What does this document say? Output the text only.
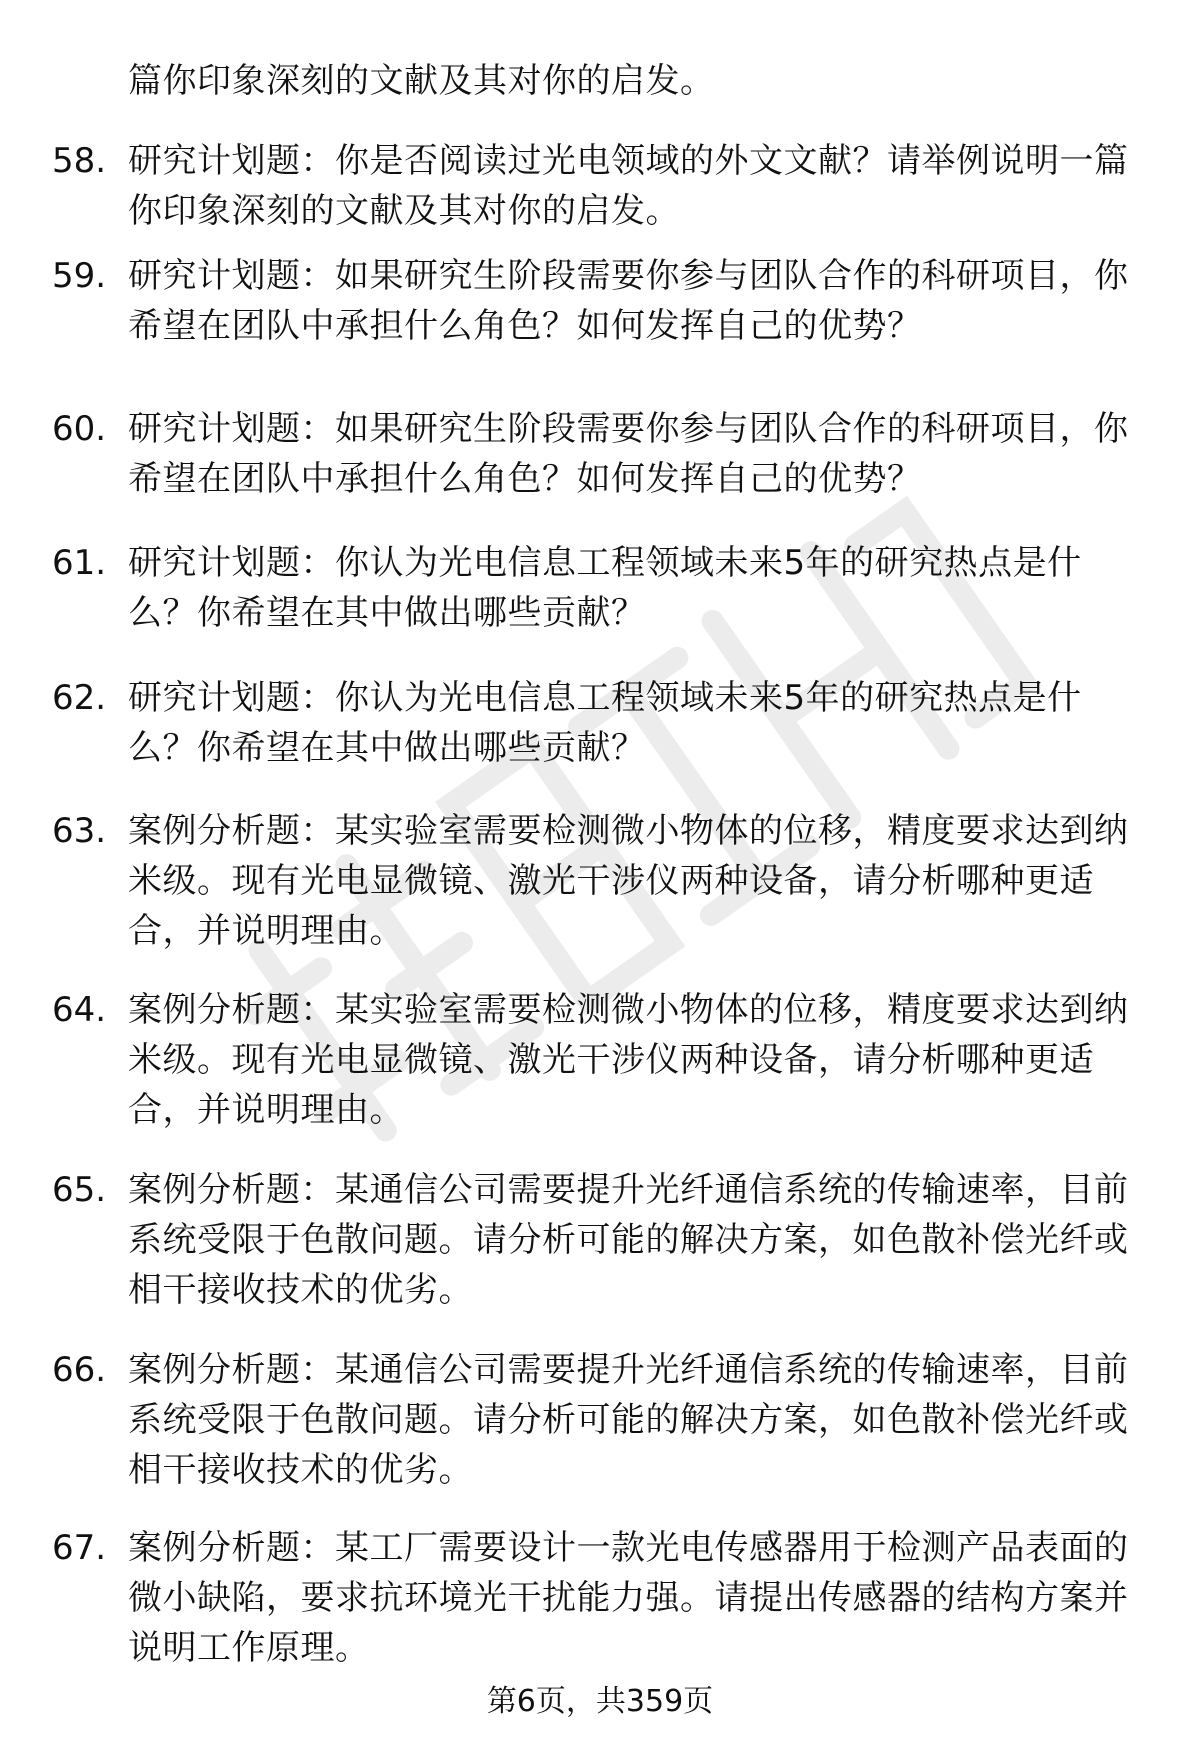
篇你印象深刻的文献及其对你的启发。
58. 研究计划题：你是否阅读过光电领域的外文文献？请举例说明一篇你印象深刻的文献及其对你的启发。
59. 研究计划题：如果研究生阶段需要你参与团队合作的科研项目，你希望在团队中承担什么角色？如何发挥自己的优势？
60. 研究计划题：如果研究生阶段需要你参与团队合作的科研项目，你希望在团队中承担什么角色？如何发挥自己的优势？
61. 研究计划题：你认为光电信息工程领域未来5年的研究热点是什么？你希望在其中做出哪些贡献？
62. 研究计划题：你认为光电信息工程领域未来5年的研究热点是什么？你希望在其中做出哪些贡献？
63. 案例分析题：某实验室需要检测微小物体的位移，精度要求达到纳米级。现有光电显微镜、激光干涉仪两种设备，请分析哪种更适合，并说明理由。
64. 案例分析题：某实验室需要检测微小物体的位移，精度要求达到纳米级。现有光电显微镜、激光干涉仪两种设备，请分析哪种更适合，并说明理由。
65. 案例分析题：某通信公司需要提升光纤通信系统的传输速率，目前系统受限于色散问题。请分析可能的解决方案，如色散补偿光纤或相干接收技术的优劣。
66. 案例分析题：某通信公司需要提升光纤通信系统的传输速率，目前系统受限于色散问题。请分析可能的解决方案，如色散补偿光纤或相干接收技术的优劣。
67. 案例分析题：某工厂需要设计一款光电传感器用于检测产品表面的微小缺陷，要求抗环境光干扰能力强。请提出传感器的结构方案并说明工作原理。
第6页，共359页
